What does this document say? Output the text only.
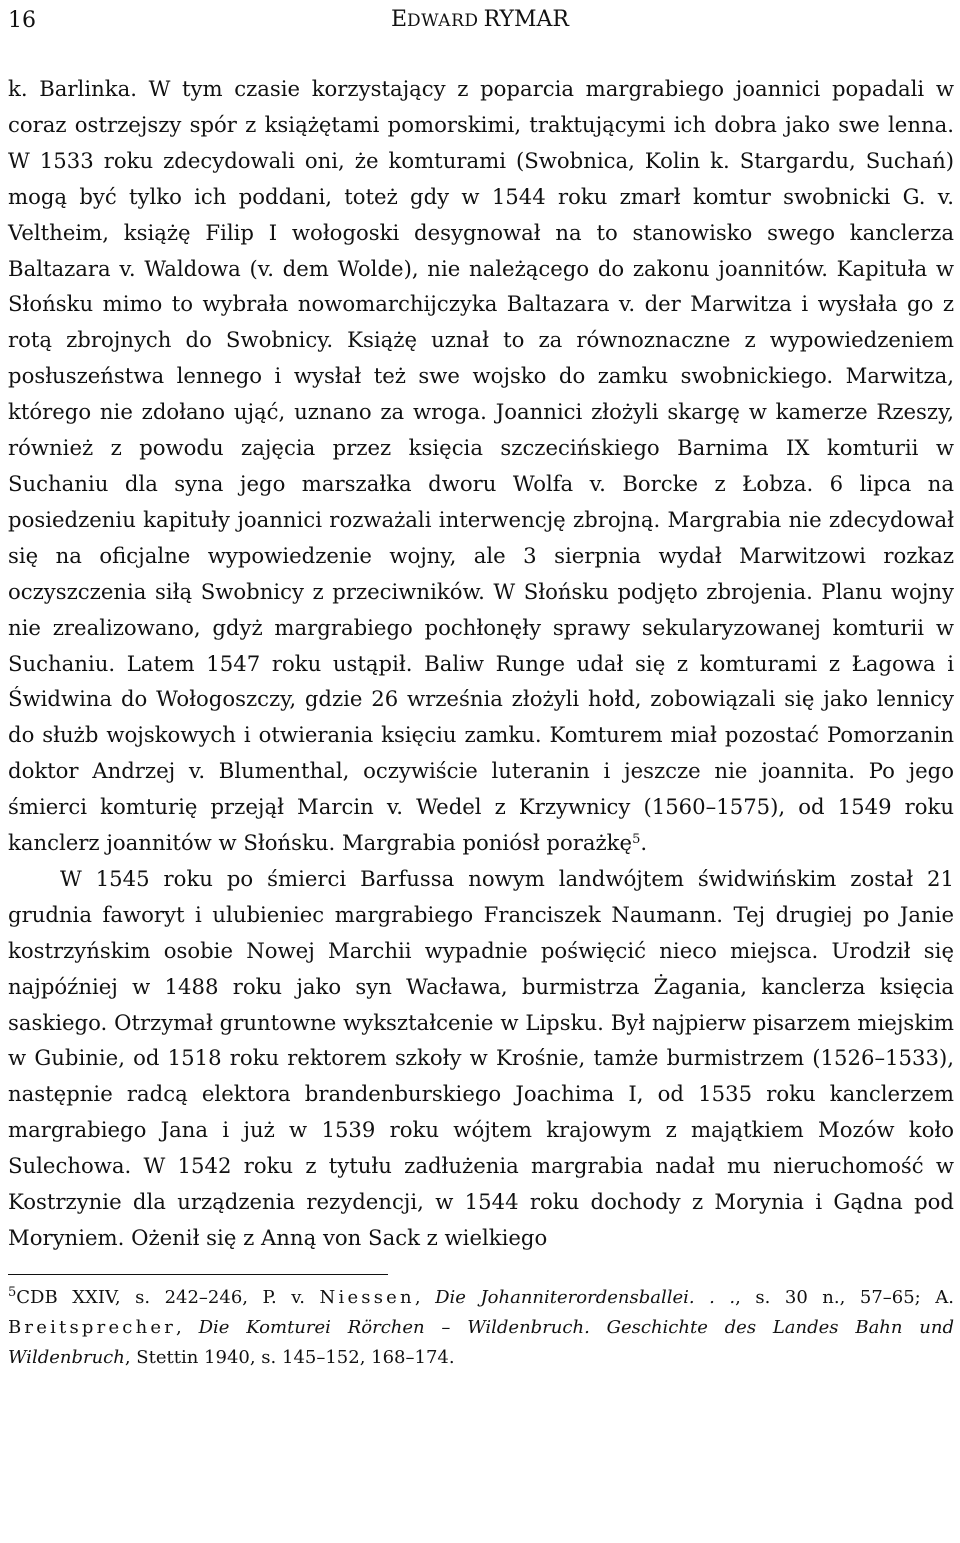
16	EDWARD RYMAR

k. Barlinka. W tym czasie korzystający z poparcia margrabiego joannici popadali w coraz ostrzejszy spór z książętami pomorskimi, traktującymi ich dobra jako swe lenna. W 1533 roku zdecydowali oni, że komturami (Swobnica, Kolin k. Stargardu, Suchań) mogą być tylko ich poddani, toteż gdy w 1544 roku zmarł komtur swobnicki G. v. Veltheim, książę Filip I wołogoski desygnował na to stanowisko swego kanclerza Baltazara v. Waldowa (v. dem Wolde), nie należącego do zakonu joannitów. Kapituła w Słońsku mimo to wybrała nowomarchijczyka Baltazara v. der Marwitza i wysłała go z rotą zbrojnych do Swobnicy. Książę uznał to za równoznaczne z wypowiedzeniem posłuszeństwa lennego i wysłał też swe wojsko do zamku swobnickiego. Marwitza, którego nie zdołano ująć, uznano za wroga. Joannici złożyli skargę w kamerze Rzeszy, również z powodu zajęcia przez księcia szczecińskiego Barnima IX komturii w Suchaniu dla syna jego marszałka dworu Wolfa v. Borcke z Łobza. 6 lipca na posiedzeniu kapituły joannici rozważali interwencję zbrojną. Margrabia nie zdecydował się na oficjalne wypowiedzenie wojny, ale 3 sierpnia wydał Marwitzowi rozkaz oczyszczenia siłą Swobnicy z przeciwników. W Słońsku podjęto zbrojenia. Planu wojny nie zrealizowano, gdyż margrabiego pochłonęły sprawy sekularyzowanej komturii w Suchaniu. Latem 1547 roku ustąpił. Baliw Runge udał się z komturami z Łagowa i Świdwina do Wołogoszczy, gdzie 26 września złożyli hołd, zobowiązali się jako lennicy do służb wojskowych i otwierania księciu zamku. Komturem miał pozostać Pomorzanin doktor Andrzej v. Blumenthal, oczywiście luteranin i jeszcze nie joannita. Po jego śmierci komturię przejął Marcin v. Wedel z Krzywnicy (1560–1575), od 1549 roku kanclerz joannitów w Słońsku. Margrabia poniósł porażkę$^5$.

W 1545 roku po śmierci Barfussa nowym landwójtem świdwińskim został 21 grudnia faworyt i ulubieniec margrabiego Franciszek Naumann. Tej drugiej po Janie kostrzyńskim osobie Nowej Marchii wypadnie poświęcić nieco miejsca. Urodził się najpóźniej w 1488 roku jako syn Wacława, burmistrza Żagania, kanclerza księcia saskiego. Otrzymał gruntowne wykształcenie w Lipsku. Był najpierw pisarzem miejskim w Gubinie, od 1518 roku rektorem szkoły w Krośnie, tamże burmistrzem (1526–1533), następnie radcą elektora brandenburskiego Joachima I, od 1535 roku kanclerzem margrabiego Jana i już w 1539 roku wójtem krajowym z majątkiem Mozów koło Sulechowa. W 1542 roku z tytułu zadłużenia margrabia nadał mu nieruchomość w Kostrzynie dla urządzenia rezydencji, w 1544 roku dochody z Morynia i Gądna pod Moryniem. Ożenił się z Anną von Sack z wielkiego

$^5$CDB XXIV, s. 242–246, P. v. Niessen, Die Johanniterordensballei. . ., s. 30 n., 57–65; A. Breitsprecher, Die Komturei Rörchen – Wildenbruch. Geschichte des Landes Bahn und Wildenbruch, Stettin 1940, s. 145–152, 168–174.
